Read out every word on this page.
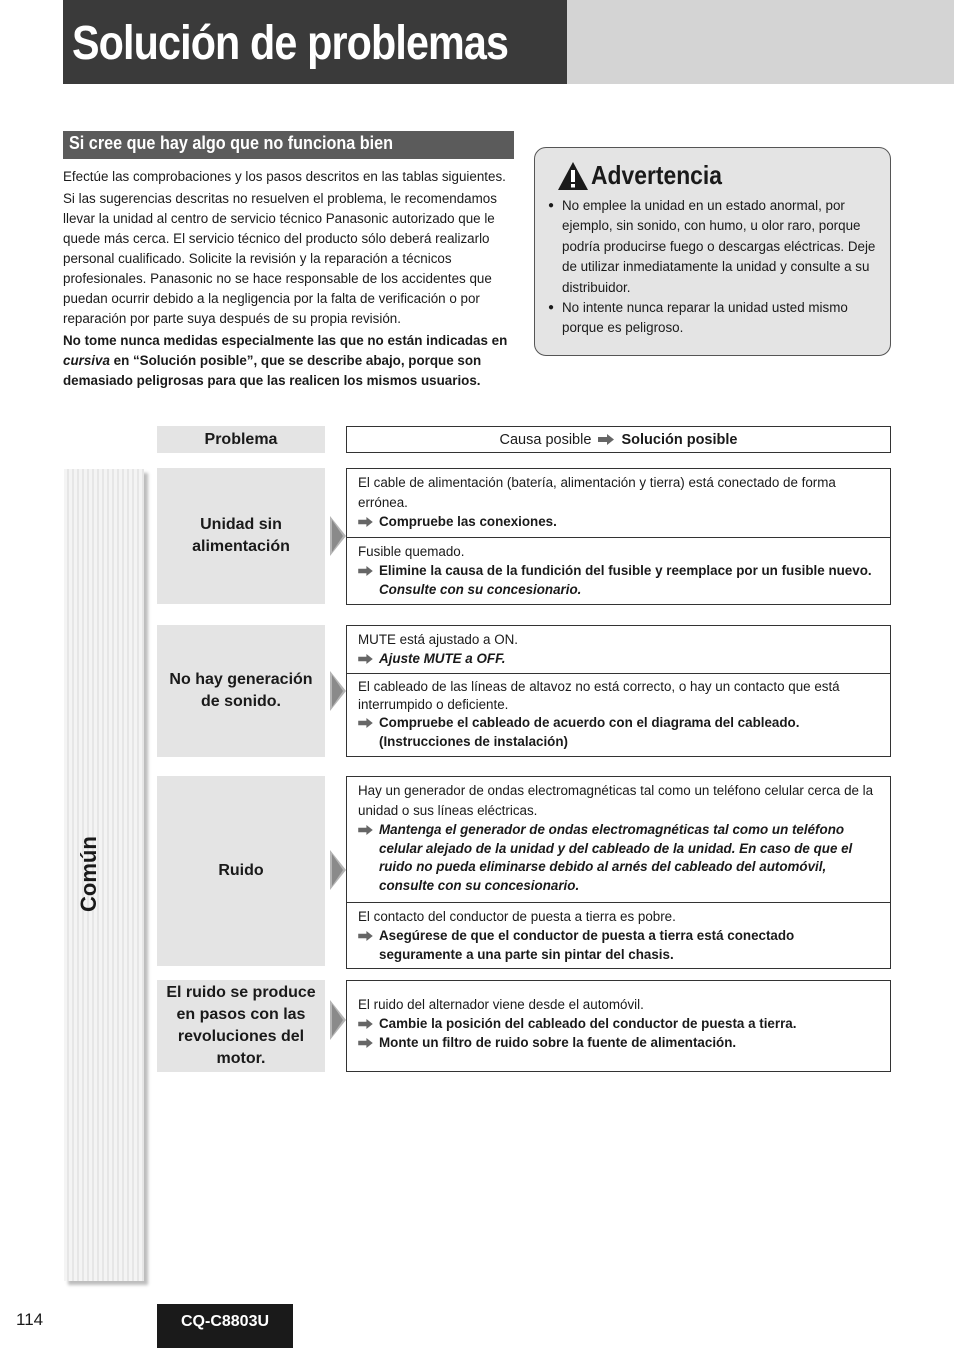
Solución de problemas
Si cree que hay algo que no funciona bien

Efectúe las comprobaciones y los pasos descritos en las tablas siguientes.

Si las sugerencias descritas no resuelven el problema, le recomendamos llevar la unidad al centro de servicio técnico Panasonic autorizado que le quede más cerca. El servicio técnico del producto sólo deberá realizarlo personal cualificado. Solicite la revisión y la reparación a técnicos profesionales. Panasonic no se hace responsable de los accidentes que puedan ocurrir debido a la negligencia por la falta de verificación o por reparación por parte suya después de su propia revisión.

No tome nunca medidas especialmente las que no están indicadas en cursiva en “Solución posible”, que se describe abajo, porque son demasiado peligrosas para que las realicen los mismos usuarios.

Advertencia
● No emplee la unidad en un estado anormal, por ejemplo, sin sonido, con humo, u olor raro, porque podría producirse fuego o descargas eléctricas. Deje de utilizar inmediatamente la unidad y consulte a su distribuidor.
● No intente nunca reparar la unidad usted mismo porque es peligroso.
Problema	Causa posible Solución posible
Común
Unidad sin
alimentación
El cable de alimentación (batería, alimentación y tierra) está conectado de forma errónea.
Compruebe las conexiones.
Fusible quemado.
Elimine la causa de la fundición del fusible y reemplace por un fusible nuevo.
Consulte con su concesionario.
No hay generación
de sonido.
MUTE está ajustado a ON.
Ajuste MUTE a OFF.
El cableado de las líneas de altavoz no está correcto, o hay un contacto que está interrumpido o deficiente.
Compruebe el cableado de acuerdo con el diagrama del cableado. (Instrucciones de instalación)
Ruido
Hay un generador de ondas electromagnéticas tal como un teléfono celular cerca de la unidad o sus líneas eléctricas.
Mantenga el generador de ondas electromagnéticas tal como un teléfono celular alejado de la unidad y del cableado de la unidad. En caso de que el ruido no pueda eliminarse debido al arnés del cableado del automóvil, consulte con su concesionario.
El contacto del conductor de puesta a tierra es pobre.
Asegúrese de que el conductor de puesta a tierra está conectado seguramente a una parte sin pintar del chasis.
El ruido se produce
en pasos con las
revoluciones del
motor.
El ruido del alternador viene desde el automóvil.
Cambie la posición del cableado del conductor de puesta a tierra.
Monte un filtro de ruido sobre la fuente de alimentación.
114	CQ-C8803U
